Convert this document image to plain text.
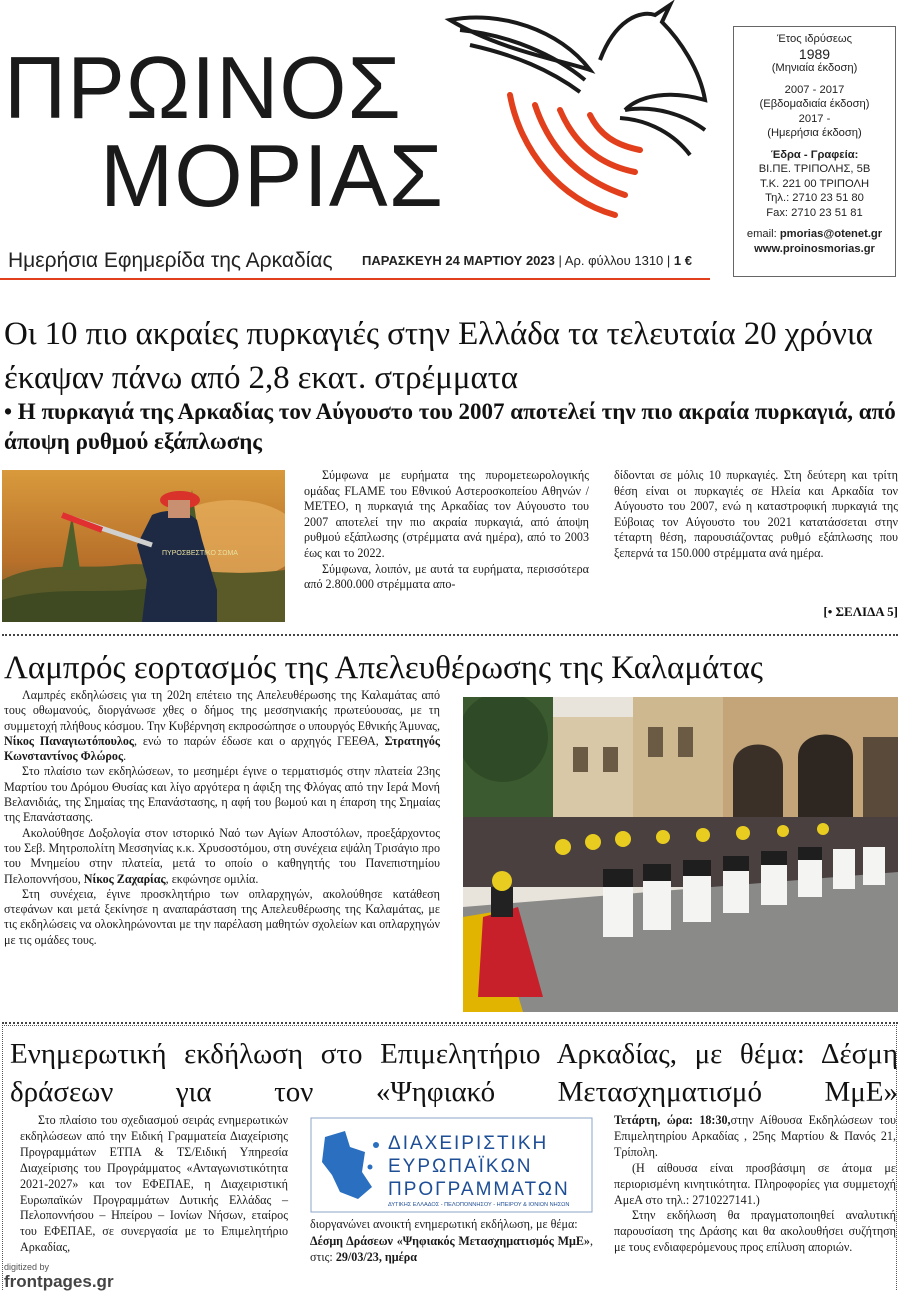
ΠΡΩΙΝΟΣ
ΜΟΡΙΑΣ
Ημερήσια Εφημερίδα της Αρκαδίας ΠΑΡΑΣΚΕΥΗ 24 ΜΑΡΤΙΟΥ 2023 | Αρ. φύλλου 1310 | 1 €
Έτος ιδρύσεως
1989
(Μηνιαία έκδοση)
2007 - 2017
(Εβδομαδιαία έκδοση)
2017 -
(Ημερήσια έκδοση)
Έδρα - Γραφεία:
ΒΙ.ΠΕ. ΤΡΙΠΟΛΗΣ, 5Β
Τ.Κ. 221 00 ΤΡΙΠΟΛΗ
Τηλ.: 2710 23 51 80
Fax: 2710 23 51 81
email: pmorias@otenet.gr
www.proinosmorias.gr
Οι 10 πιο ακραίες πυρκαγιές στην Ελλάδα τα τελευταία 20 χρόνια έκαψαν πάνω από 2,8 εκατ. στρέμματα
• Η πυρκαγιά της Αρκαδίας τον Αύγουστο του 2007 αποτελεί την πιο ακραία πυρκαγιά, από άποψη ρυθμού εξάπλωσης
ΠΥΡΟΣΒΕΣΤΙΚΟ ΣΩΜΑ

Σύμφωνα με ευρήματα της πυρομετεωρολογικής ομάδας FLAME του Εθνικού Αστεροσκοπείου Αθηνών / METEO, η πυρκαγιά της Αρκαδίας τον Αύγουστο του 2007 αποτελεί την πιο ακραία πυρκαγιά, από άποψη ρυθμού εξάπλωσης (στρέμματα ανά ημέρα), από το 2003 έως και το 2022.

Σύμφωνα, λοιπόν, με αυτά τα ευρήματα, περισσότερα από 2.800.000 στρέμματα απο-

δίδονται σε μόλις 10 πυρκαγιές. Στη δεύτερη και τρίτη θέση είναι οι πυρκαγιές σε Ηλεία και Αρκαδία τον Αύγουστο του 2007, ενώ η καταστροφική πυρκαγιά της Εύβοιας τον Αύγουστο του 2021 κατατάσσεται στην τέταρτη θέση, παρουσιάζοντας ρυθμό εξάπλωσης που ξεπερνά τα 150.000 στρέμματα ανά ημέρα.

[• ΣΕΛΙΔΑ 5]
Λαμπρός εορτασμός της Απελευθέρωσης της Καλαμάτας

Λαμπρές εκδηλώσεις για τη 202η επέτειο της Απελευθέρωσης της Καλαμάτας από τους οθωμανούς, διοργάνωσε χθες ο δήμος της μεσσηνιακής πρωτεύουσας, με τη συμμετοχή πλήθους κόσμου. Την Κυβέρνηση εκπροσώπησε ο υπουργός Εθνικής Άμυνας, Νίκος Παναγιωτόπουλος, ενώ το παρών έδωσε και ο αρχηγός ΓΕΕΘΑ, Στρατηγός Κωνσταντίνος Φλώρος.

Στο πλαίσιο των εκδηλώσεων, το μεσημέρι έγινε ο τερματισμός στην πλατεία 23ης Μαρτίου του Δρόμου Θυσίας και λίγο αργότερα η άφιξη της Φλόγας από την Ιερά Μονή Βελανιδιάς, της Σημαίας της Επανάστασης, η αφή του βωμού και η έπαρση της Σημαίας της Επανάστασης.

Ακολούθησε Δοξολογία στον ιστορικό Ναό των Αγίων Αποστόλων, προεξάρχοντος του Σεβ. Μητροπολίτη Μεσσηνίας κ.κ. Χρυσοστόμου, στη συνέχεια εψάλη Τρισάγιο προ του Μνημείου στην πλατεία, μετά το οποίο ο καθηγητής του Πανεπιστημίου Πελοποννήσου, Νίκος Ζαχαρίας, εκφώνησε ομιλία.

Στη συνέχεια, έγινε προσκλητήριο των οπλαρχηγών, ακολούθησε κατάθεση στεφάνων και μετά ξεκίνησε η αναπαράσταση της Απελευθέρωσης της Καλαμάτας, με τις εκδηλώσεις να ολοκληρώνονται με την παρέλαση μαθητών σχολείων και οπλαρχηγών με τις ομάδες τους.

Ενημερωτική εκδήλωση στο Επιμελητήριο Αρκαδίας, με θέμα: Δέσμη δράσεων για τον «Ψηφιακό Μετασχηματισμό ΜμΕ»

Στο πλαίσιο του σχεδιασμού σειράς ενημερωτικών εκδηλώσεων από την Ειδική Γραμματεία Διαχείρισης Προγραμμάτων ΕΤΠΑ & ΤΣ/Ειδική Υπηρεσία Διαχείρισης του Προγράμματος «Ανταγωνιστικότητα 2021-2027» και τον ΕΦΕΠΑΕ, η Διαχειριστική Ευρωπαϊκών Προγραμμάτων Δυτικής Ελλάδας – Πελοποννήσου – Ηπείρου – Ιονίων Νήσων, εταίρος του ΕΦΕΠΑΕ, σε συνεργασία με το Επιμελητήριο Αρκαδίας,

ΔΙΑΧΕΙΡΙΣΤΙΚΗ
ΕΥΡΩΠΑΪΚΩΝ
ΠΡΟΓΡΑΜΜΑΤΩΝ
ΔΥΤΙΚΗΣ ΕΛΛΑΔΟΣ - ΠΕΛΟΠΟΝΝΗΣΟΥ - ΗΠΕΙΡΟΥ & ΙΟΝΙΩΝ ΝΗΣΩΝ

διοργανώνει ανοικτή ενημερωτική εκδήλωση, με θέμα:
Δέσμη Δράσεων «Ψηφιακός Μετασχηματισμός ΜμΕ», στις: 29/03/23, ημέρα

Τετάρτη, ώρα: 18:30,στην Αίθουσα Εκδηλώσεων του Επιμελητηρίου Αρκαδίας , 25ης Μαρτίου & Πανός 21, Τρίπολη.

(Η αίθουσα είναι προσβάσιμη σε άτομα με περιορισμένη κινητικότητα. Πληροφορίες για συμμετοχή ΑμεΑ στο τηλ.: 2710227141.)

Στην εκδήλωση θα πραγματοποιηθεί αναλυτική παρουσίαση της Δράσης και θα ακολουθήσει συζήτηση με τους ενδιαφερόμενους προς επίλυση αποριών.

digitized by
frontpages.gr
